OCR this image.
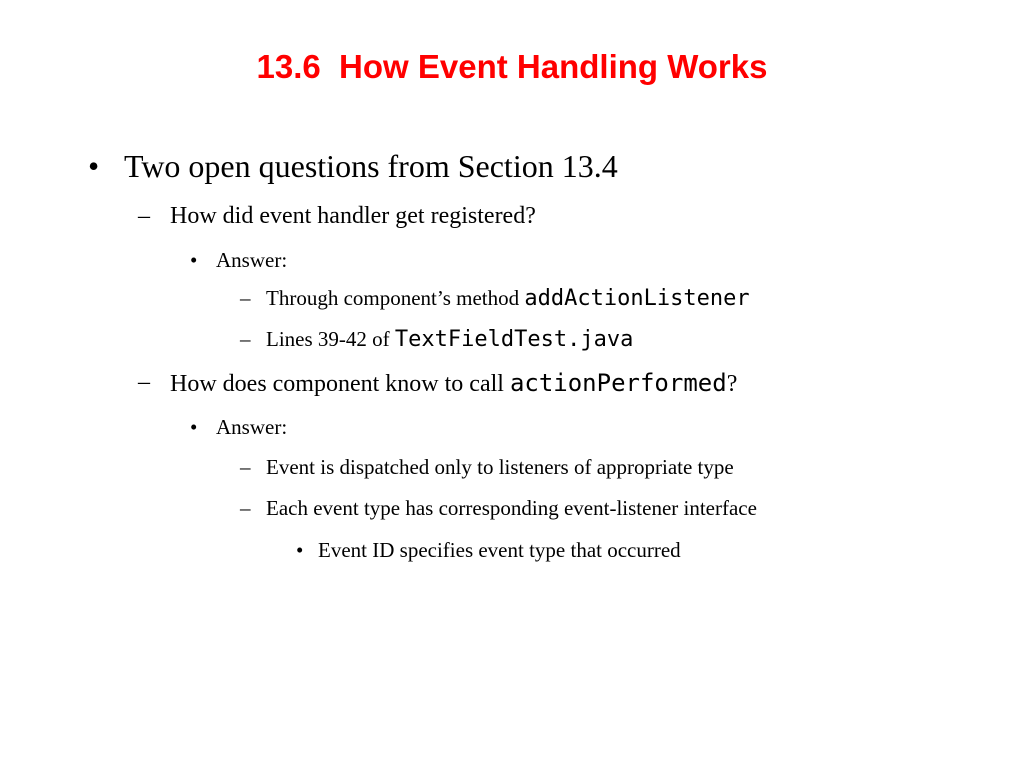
13.6  How Event Handling Works
• Two open questions from Section 13.4
– How did event handler get registered?
• Answer:
– Through component’s method addActionListener
– Lines 39-42 of TextFieldTest.java
– How does component know to call actionPerformed?
• Answer:
– Event is dispatched only to listeners of appropriate type
– Each event type has corresponding event-listener interface
• Event ID specifies event type that occurred
